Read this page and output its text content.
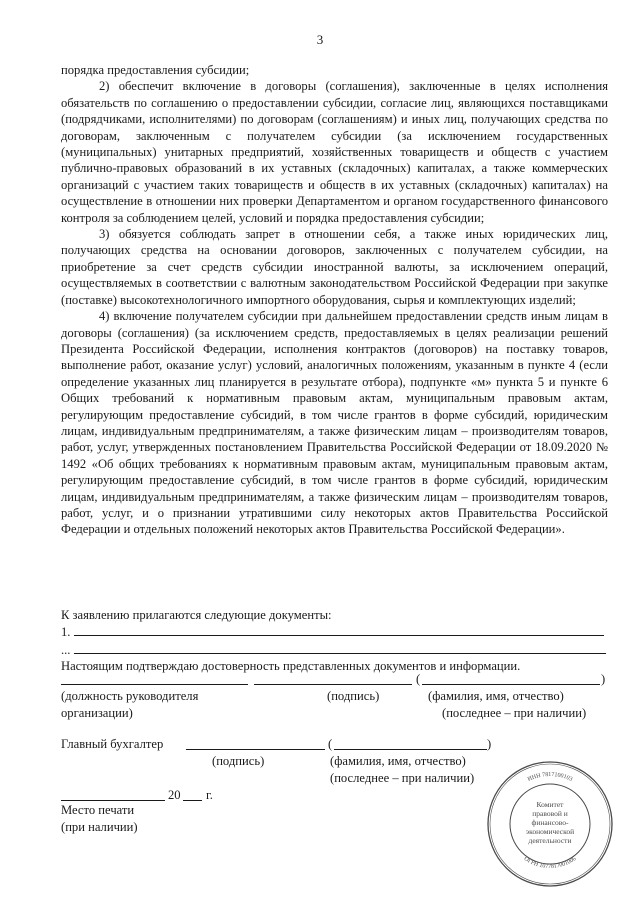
3

порядка предоставления субсидии;

2) обеспечит включение в договоры (соглашения), заключенные в целях исполнения обязательств по соглашению о предоставлении субсидии, согласие лиц, являющихся поставщиками (подрядчиками, исполнителями) по договорам (соглашениям) и иных лиц, получающих средства по договорам, заключенным с получателем субсидии (за исключением государственных (муниципальных) унитарных предприятий, хозяйственных товариществ и обществ с участием публично-правовых образований в их уставных (складочных) капиталах, а также коммерческих организаций с участием таких товариществ и обществ в их уставных (складочных) капиталах) на осуществление в отношении них проверки Департаментом и органом государственного финансового контроля за соблюдением целей, условий и порядка предоставления субсидии;

3) обязуется соблюдать запрет в отношении себя, а также иных юридических лиц, получающих средства на основании договоров, заключенных с получателем субсидии, на приобретение за счет средств субсидии иностранной валюты, за исключением операций, осуществляемых в соответствии с валютным законодательством Российской Федерации при закупке (поставке) высокотехнологичного импортного оборудования, сырья и комплектующих изделий;

4) включение получателем субсидии при дальнейшем предоставлении средств иным лицам в договоры (соглашения) (за исключением средств, предоставляемых в целях реализации решений Президента Российской Федерации, исполнения контрактов (договоров) на поставку товаров, выполнение работ, оказание услуг) условий, аналогичных положениям, указанным в пункте 4 (если определение указанных лиц планируется в результате отбора), подпункте «м» пункта 5 и пункте 6 Общих требований к нормативным правовым актам, муниципальным правовым актам, регулирующим предоставление субсидий, в том числе грантов в форме субсидий, юридическим лицам, индивидуальным предпринимателям, а также физическим лицам – производителям товаров, работ, услуг, утвержденных постановлением Правительства Российской Федерации от 18.09.2020 № 1492 «Об общих требованиях к нормативным правовым актам, муниципальным правовым актам, регулирующим предоставление субсидий, в том числе грантов в форме субсидий, юридическим лицам, индивидуальным предпринимателям, а также физическим лицам – производителям товаров, работ, услуг, и о признании утратившими силу некоторых актов Правительства Российской Федерации и отдельных положений некоторых актов Правительства Российской Федерации».

К заявлению прилагаются следующие документы:
1.
...
Настоящим подтверждаю достоверность представленных документов и информации.
(	)
(должность руководителя
организации)
(подпись)	(фамилия, имя, отчество)
(последнее – при наличии)
Главный бухгалтер	(	)
(подпись)	(фамилия, имя, отчество)
(последнее – при наличии)
20 г.
Место печати
(при наличии)
ИНН 7817100103
ОГРН 1077817001006
Комитет
правовой и
финансово-
экономической
деятельности
